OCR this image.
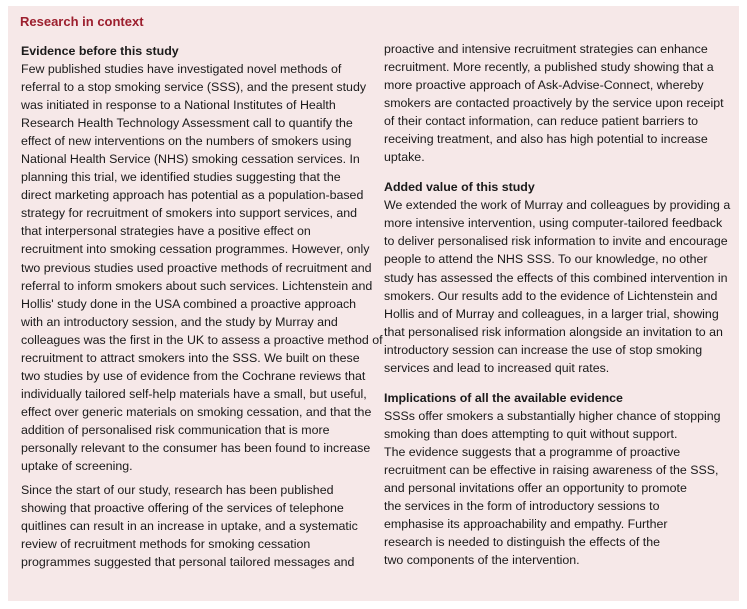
Research in context
Evidence before this study
Few published studies have investigated novel methods of
referral to a stop smoking service (SSS), and the present study
was initiated in response to a National Institutes of Health
Research Health Technology Assessment call to quantify the
effect of new interventions on the numbers of smokers using
National Health Service (NHS) smoking cessation services. In
planning this trial, we identified studies suggesting that the
direct marketing approach has potential as a population-based
strategy for recruitment of smokers into support services, and
that interpersonal strategies have a positive effect on
recruitment into smoking cessation programmes. However, only
two previous studies used proactive methods of recruitment and
referral to inform smokers about such services. Lichtenstein and
Hollis' study done in the USA combined a proactive approach
with an introductory session, and the study by Murray and
colleagues was the first in the UK to assess a proactive method of
recruitment to attract smokers into the SSS. We built on these
two studies by use of evidence from the Cochrane reviews that
individually tailored self-help materials have a small, but useful,
effect over generic materials on smoking cessation, and that the
addition of personalised risk communication that is more
personally relevant to the consumer has been found to increase
uptake of screening.
Since the start of our study, research has been published
showing that proactive offering of the services of telephone
quitlines can result in an increase in uptake, and a systematic
review of recruitment methods for smoking cessation
programmes suggested that personal tailored messages and
proactive and intensive recruitment strategies can enhance
recruitment. More recently, a published study showing that a
more proactive approach of Ask-Advise-Connect, whereby
smokers are contacted proactively by the service upon receipt
of their contact information, can reduce patient barriers to
receiving treatment, and also has high potential to increase
uptake.
Added value of this study
We extended the work of Murray and colleagues by providing a
more intensive intervention, using computer-tailored feedback
to deliver personalised risk information to invite and encourage
people to attend the NHS SSS. To our knowledge, no other
study has assessed the effects of this combined intervention in
smokers. Our results add to the evidence of Lichtenstein and
Hollis and of Murray and colleagues, in a larger trial, showing
that personalised risk information alongside an invitation to an
introductory session can increase the use of stop smoking
services and lead to increased quit rates.
Implications of all the available evidence
SSSs offer smokers a substantially higher chance of stopping
smoking than does attempting to quit without support.
The evidence suggests that a programme of proactive
recruitment can be effective in raising awareness of the SSS,
and personal invitations offer an opportunity to promote
the services in the form of introductory sessions to
emphasise its approachability and empathy. Further
research is needed to distinguish the effects of the
two components of the intervention.
